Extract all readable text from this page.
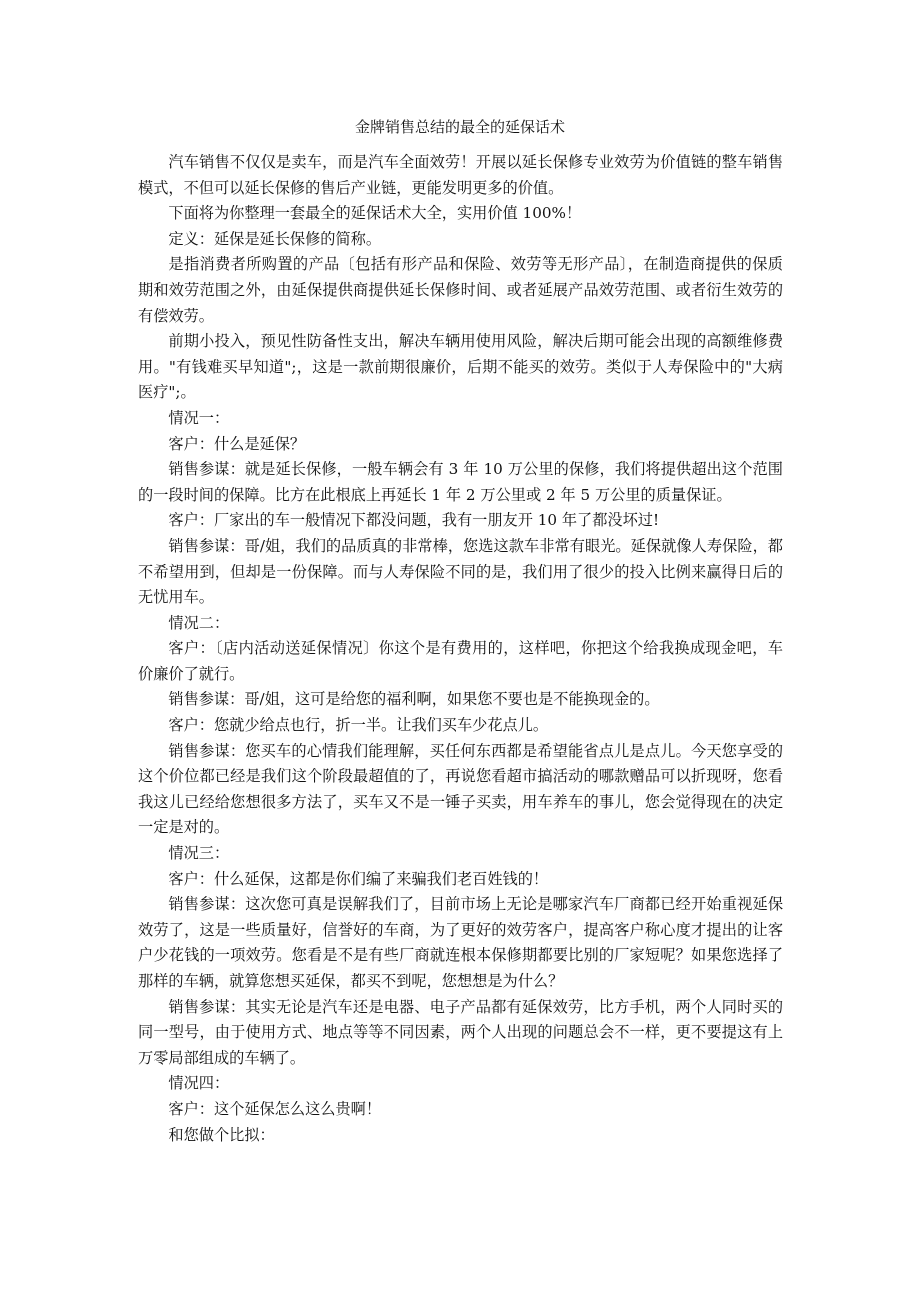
金牌销售总结的最全的延保话术

汽车销售不仅仅是卖车，而是汽车全面效劳！开展以延长保修专业效劳为价值链的整车销售模式，不但可以延长保修的售后产业链，更能发明更多的价值。

下面将为你整理一套最全的延保话术大全，实用价值 100%！

定义：延保是延长保修的简称。

是指消费者所购置的产品〔包括有形产品和保险、效劳等无形产品〕，在制造商提供的保质期和效劳范围之外，由延保提供商提供延长保修时间、或者延展产品效劳范围、或者衍生效劳的有偿效劳。

前期小投入，预见性防备性支出，解决车辆用使用风险，解决后期可能会出现的高额维修费用。"有钱难买早知道";，这是一款前期很廉价，后期不能买的效劳。类似于人寿保险中的"大病医疗";。

情况一：

客户：什么是延保？

销售参谋：就是延长保修，一般车辆会有 3 年 10 万公里的保修，我们将提供超出这个范围的一段时间的保障。比方在此根底上再延长 1 年 2 万公里或 2 年 5 万公里的质量保证。

客户：厂家出的车一般情况下都没问题，我有一朋友开 10 年了都没坏过!

销售参谋：哥/姐，我们的品质真的非常棒，您选这款车非常有眼光。延保就像人寿保险，都不希望用到，但却是一份保障。而与人寿保险不同的是，我们用了很少的投入比例来赢得日后的无忧用车。

情况二：

客户：〔店内活动送延保情况〕你这个是有费用的，这样吧，你把这个给我换成现金吧，车价廉价了就行。

销售参谋：哥/姐，这可是给您的福利啊，如果您不要也是不能换现金的。

客户：您就少给点也行，折一半。让我们买车少花点儿。

销售参谋：您买车的心情我们能理解，买任何东西都是希望能省点儿是点儿。今天您享受的这个价位都已经是我们这个阶段最超值的了，再说您看超市搞活动的哪款赠品可以折现呀，您看我这儿已经给您想很多方法了，买车又不是一锤子买卖，用车养车的事儿，您会觉得现在的决定一定是对的。

情况三：

客户：什么延保，这都是你们编了来骗我们老百姓钱的！

销售参谋：这次您可真是误解我们了，目前市场上无论是哪家汽车厂商都已经开始重视延保效劳了，这是一些质量好，信誉好的车商，为了更好的效劳客户，提高客户称心度才提出的让客户少花钱的一项效劳。您看是不是有些厂商就连根本保修期都要比别的厂家短呢？如果您选择了那样的车辆，就算您想买延保，都买不到呢，您想想是为什么？

销售参谋：其实无论是汽车还是电器、电子产品都有延保效劳，比方手机，两个人同时买的同一型号，由于使用方式、地点等等不同因素，两个人出现的问题总会不一样，更不要提这有上万零局部组成的车辆了。

情况四：

客户：这个延保怎么这么贵啊！

和您做个比拟：
